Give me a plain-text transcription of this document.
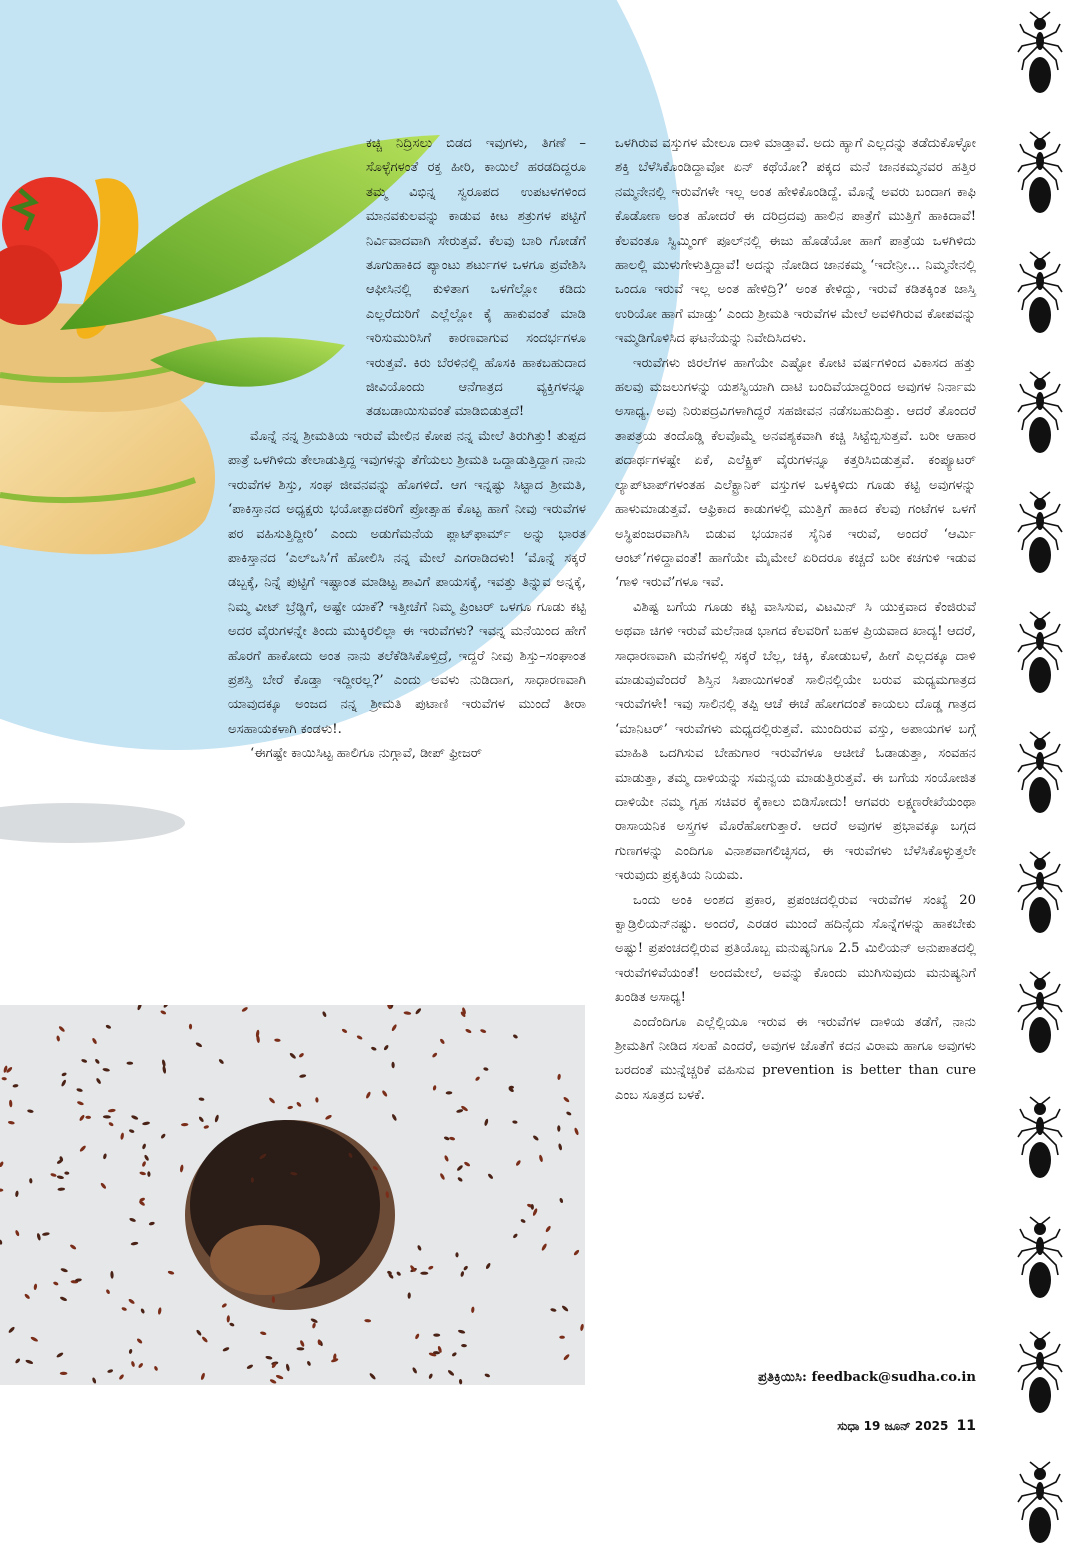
ಕಚ್ಚಿ ನಿದ್ರಿಸಲು ಬಿಡದ ಇವುಗಳು, ತಿಗಣೆ –ಸೊಳ್ಳೆಗಳಂತೆ ರಕ್ತ ಹೀರಿ, ಕಾಯಿಲೆ ಹರಡದಿದ್ದರೂ ತಮ್ಮ ವಿಭಿನ್ನ ಸ್ವರೂಪದ ಉಪಟಳಗಳಿಂದ ಮಾನವಕುಲವನ್ನು ಕಾಡುವ ಕೀಟ ಶತ್ರುಗಳ ಪಟ್ಟಿಗೆ ನಿರ್ವಿವಾದವಾಗಿ ಸೇರುತ್ತವೆ. ಕೆಲವು ಬಾರಿ ಗೋಡೆಗೆ ತೂಗುಹಾಕಿದ ಪ್ಯಾಂಟು ಶರ್ಟುಗಳ ಒಳಗೂ ಪ್ರವೇಶಿಸಿ ಆಫೀಸಿನಲ್ಲಿ ಕುಳಿತಾಗ ಒಳಗೆಲ್ಲೋ ಕಡಿದು ಎಲ್ಲರೆದುರಿಗೆ ಎಲ್ಲೆಲ್ಲೋ ಕೈ ಹಾಕುವಂತೆ ಮಾಡಿ ಇರಿಸುಮುರಿಸಿಗೆ ಕಾರಣವಾಗುವ ಸಂದರ್ಭಗಳೂ ಇರುತ್ತವೆ. ಕಿರು ಬೆರಳಿನಲ್ಲಿ ಹೊಸಕಿ ಹಾಕಬಹುದಾದ ಜೀವಿಯೊಂದು ಆನೆಗಾತ್ರದ ವ್ಯಕ್ತಿಗಳನ್ನೂ ತಡಬಡಾಯಿಸುವಂತೆ ಮಾಡಿಬಿಡುತ್ತದೆ!

ಮೊನ್ನೆ ನನ್ನ ಶ್ರೀಮತಿಯ ಇರುವೆ ಮೇಲಿನ ಕೋಪ ನನ್ನ ಮೇಲೆ ತಿರುಗಿತ್ತು! ತುಪ್ಪದ ಪಾತ್ರೆ ಒಳಗಿಳಿದು ತೇಲಾಡುತ್ತಿದ್ದ ಇವುಗಳನ್ನು ತೆಗೆಯಲು ಶ್ರೀಮತಿ ಒದ್ದಾಡುತ್ತಿದ್ದಾಗ ನಾನು ಇರುವೆಗಳ ಶಿಸ್ತು, ಸಂಘ ಜೀವನವನ್ನು ಹೊಗಳಿದೆ. ಆಗ ಇನ್ನಷ್ಟು ಸಿಟ್ಟಾದ ಶ್ರೀಮತಿ, ‘ಪಾಕಿಸ್ತಾನದ ಅಧ್ಯಕ್ಷರು ಭಯೋತ್ಪಾದಕರಿಗೆ ಪ್ರೋತ್ಸಾಹ ಕೊಟ್ಟ ಹಾಗೆ ನೀವು ಇರುವೆಗಳ ಪರ ವಹಿಸುತ್ತಿದ್ದೀರಿ’ ಎಂದು ಅಡುಗೆಮನೆಯ ಪ್ಲಾಟ್‌ಫಾರ್ಮ್ ಅನ್ನು ಭಾರತ ಪಾಕಿಸ್ತಾನದ ‘ಎಲ್‌ಒಸಿ’ಗೆ ಹೋಲಿಸಿ ನನ್ನ ಮೇಲೆ ಎಗರಾಡಿದಳು! ‘ಮೊನ್ನೆ ಸಕ್ಕರೆ ಡಬ್ಬಕ್ಕೆ, ನಿನ್ನೆ ಪುಟ್ಟಿಗೆ ಇಷ್ಟಾಂತ ಮಾಡಿಟ್ಟ ಶಾವಿಗೆ ಪಾಯಸಕ್ಕೆ, ಇವತ್ತು ತಿನ್ನುವ ಅನ್ನಕ್ಕೆ, ನಿಮ್ಮ ವೀಟ್ ಬ್ರೆಡ್ಡಿಗೆ, ಅಷ್ಟೇ ಯಾಕೆ? ಇತ್ತೀಚೆಗೆ ನಿಮ್ಮ ಪ್ರಿಂಟರ್ ಒಳಗೂ ಗೂಡು ಕಟ್ಟಿ ಅದರ ವೈರುಗಳನ್ನೇ ತಿಂದು ಮುಕ್ಕಿರಲಿಲ್ಲಾ ಈ ಇರುವೆಗಳು? ಇವನ್ನ ಮನೆಯಿಂದ ಹೇಗೆ ಹೊರಗೆ ಹಾಕೋದು ಅಂತ ನಾನು ತಲೆಕೆಡಿಸಿಕೊಳ್ತಿದ್ರೆ, ಇದ್ದರೆ ನೀವು ಶಿಸ್ತು–ಸಂಘಾಂತ ಪ್ರಶಸ್ತಿ ಬೇರೆ ಕೊಡ್ತಾ ಇದ್ದೀರಲ್ಲ?’ ಎಂದು ಅವಳು ನುಡಿದಾಗ, ಸಾಧಾರಣವಾಗಿ ಯಾವುದಕ್ಕೂ ಅಂಜದ ನನ್ನ ಶ್ರೀಮತಿ ಪುಟಾಣಿ ಇರುವೆಗಳ ಮುಂದೆ ತೀರಾ ಅಸಹಾಯಕಳಾಗಿ ಕಂಡಳು!.

‘ಈಗಷ್ಟೇ ಕಾಯಿಸಿಟ್ಟ ಹಾಲಿಗೂ ನುಗ್ಗಾವೆ, ಡೀಪ್ ಫ್ರೀಜರ್

ಒಳಗಿರುವ ವಸ್ತುಗಳ ಮೇಲೂ ದಾಳಿ ಮಾಡ್ತಾವೆ. ಅದು ಹ್ಯಾಗೆ ಎಲ್ಲದನ್ನು ತಡೆದುಕೊಳ್ಳೋ ಶಕ್ತಿ ಬೆಳೆಸಿಕೊಂಡಿದ್ದಾವೋ ಏನ್ ಕಥೆಯೋ? ಪಕ್ಕದ ಮನೆ ಜಾನಕಮ್ಮನವರ ಹತ್ತಿರ ನಮ್ಮನೇನಲ್ಲಿ ಇರುವೆಗಳೇ ಇಲ್ಲ ಅಂತ ಹೇಳಿಕೊಂಡಿದ್ದೆ. ಮೊನ್ನೆ ಅವರು ಬಂದಾಗ ಕಾಫಿ ಕೊಡೋಣ ಅಂತ ಹೋದರೆ ಈ ದರಿದ್ರದವು ಹಾಲಿನ ಪಾತ್ರೆಗೆ ಮುತ್ತಿಗೆ ಹಾಕಿದಾವೆ! ಕೆಲವಂತೂ ಸ್ವಿಮ್ಮಿಂಗ್ ಪೂಲ್‌ನಲ್ಲಿ ಈಜು ಹೊಡೆಯೋ ಹಾಗೆ ಪಾತ್ರೆಯ ಒಳಗಿಳಿದು ಹಾಲಲ್ಲಿ ಮುಳುಗೇಳುತ್ತಿದ್ದಾವೆ! ಅದನ್ನು ನೋಡಿದ ಜಾನಕಮ್ಮ ‘ಇದೇನ್ರೀ... ನಿಮ್ಮನೇನಲ್ಲಿ ಒಂದೂ ಇರುವೆ ಇಲ್ಲ ಅಂತ ಹೇಳಿದ್ರಿ?’ ಅಂತ ಕೇಳಿದ್ದು, ಇರುವೆ ಕಡಿತಕ್ಕಿಂತ ಜಾಸ್ತಿ ಉರಿಯೋ ಹಾಗೆ ಮಾಡ್ತು’ ಎಂದು ಶ್ರೀಮತಿ ಇರುವೆಗಳ ಮೇಲೆ ಅವಳಿಗಿರುವ ಕೋಪವನ್ನು ಇಮ್ಮಡಿಗೊಳಿಸಿದ ಘಟನೆಯನ್ನು ನಿವೇದಿಸಿದಳು.

ಇರುವೆಗಳು ಜಿರಲೆಗಳ ಹಾಗೆಯೇ ಎಷ್ಟೋ ಕೋಟಿ ವರ್ಷಗಳಿಂದ ವಿಕಾಸದ ಹತ್ತು ಹಲವು ಮಜಲುಗಳನ್ನು ಯಶಸ್ವಿಯಾಗಿ ದಾಟಿ ಬಂದಿವೆಯಾದ್ದರಿಂದ ಅವುಗಳ ನಿರ್ನಾಮ ಅಸಾಧ್ಯ. ಅವು ನಿರುಪದ್ರವಿಗಳಾಗಿದ್ದರೆ ಸಹಜೀವನ ನಡೆಸಬಹುದಿತ್ತು. ಆದರೆ ತೊಂದರೆ ತಾಪತ್ರಯ ತಂದೊಡ್ಡಿ ಕೆಲವೊಮ್ಮೆ ಅನವಶ್ಯಕವಾಗಿ ಕಚ್ಚಿ ಸಿಟ್ಟೆಬ್ಬಿಸುತ್ತವೆ. ಬರೀ ಆಹಾರ ಪದಾರ್ಥಗಳಷ್ಟೇ ಏಕೆ, ಎಲೆಕ್ಟ್ರಿಕ್ ವೈರುಗಳನ್ನೂ ಕತ್ತರಿಸಿಬಿಡುತ್ತವೆ. ಕಂಪ್ಯೂಟರ್ ಲ್ಯಾಪ್‌ಟಾಪ್‌ಗಳಂತಹ ಎಲೆಕ್ಟ್ರಾನಿಕ್ ವಸ್ತುಗಳ ಒಳಕ್ಕಿಳಿದು ಗೂಡು ಕಟ್ಟಿ ಅವುಗಳನ್ನು ಹಾಳುಮಾಡುತ್ತವೆ. ಆಫ್ರಿಕಾದ ಕಾಡುಗಳಲ್ಲಿ ಮುತ್ತಿಗೆ ಹಾಕಿದ ಕೆಲವು ಗಂಟೆಗಳ ಒಳಗೆ ಅಸ್ಥಿಪಂಜರವಾಗಿಸಿ ಬಿಡುವ ಭಯಾನಕ ಸೈನಿಕ ಇರುವೆ, ಅಂದರೆ ‘ಆರ್ಮಿ ಆಂಟ್’ಗಳಿದ್ದಾವಂತೆ! ಹಾಗೆಯೇ ಮೈಮೇಲೆ ಏರಿದರೂ ಕಚ್ಚದೆ ಬರೀ ಕಚಗುಳಿ ಇಡುವ ‘ಗಾಳಿ ಇರುವೆ’ಗಳೂ ಇವೆ.

ವಿಶಿಷ್ಟ ಬಗೆಯ ಗೂಡು ಕಟ್ಟಿ ವಾಸಿಸುವ, ವಿಟಮಿನ್ ಸಿ ಯುಕ್ತವಾದ ಕೆಂಜಿರುವೆ ಅಥವಾ ಚಿಗಳಿ ಇರುವೆ ಮಲೆನಾಡ ಭಾಗದ ಕೆಲವರಿಗೆ ಬಹಳ ಪ್ರಿಯವಾದ ಖಾದ್ಯ! ಆದರೆ, ಸಾಧಾರಣವಾಗಿ ಮನೆಗಳಲ್ಲಿ ಸಕ್ಕರೆ ಬೆಲ್ಲ, ಚಕ್ಕಿ, ಕೋಡುಬಳೆ, ಹೀಗೆ ಎಲ್ಲದಕ್ಕೂ ದಾಳಿ ಮಾಡುವುವೆಂದರೆ ಶಿಸ್ತಿನ ಸಿಪಾಯಿಗಳಂತೆ ಸಾಲಿನಲ್ಲಿಯೇ ಬರುವ ಮಧ್ಯಮಗಾತ್ರದ ಇರುವೆಗಳೇ! ಇವು ಸಾಲಿನಲ್ಲಿ ತಪ್ಪಿ ಆಚೆ ಈಚೆ ಹೋಗದಂತೆ ಕಾಯಲು ದೊಡ್ಡ ಗಾತ್ರದ ‘ಮಾನಿಟರ್’ ಇರುವೆಗಳು ಮಧ್ಯದಲ್ಲಿರುತ್ತವೆ. ಮುಂದಿರುವ ವಸ್ತು, ಅಪಾಯಗಳ ಬಗ್ಗೆ ಮಾಹಿತಿ ಒದಗಿಸುವ ಬೇಹುಗಾರ ಇರುವೆಗಳೂ ಆಚೀಚೆ ಓಡಾಡುತ್ತಾ, ಸಂವಹನ ಮಾಡುತ್ತಾ, ತಮ್ಮ ದಾಳಿಯನ್ನು ಸಮನ್ವಯ ಮಾಡುತ್ತಿರುತ್ತವೆ. ಈ ಬಗೆಯ ಸಂಯೋಜಿತ ದಾಳಿಯೇ ನಮ್ಮ ಗೃಹ ಸಚಿವರ ಕೈಕಾಲು ಬಿಡಿಸೋದು! ಆಗವರು ಲಕ್ಷ್ಮಣರೇಖೆಯಂಥಾ ರಾಸಾಯನಿಕ ಅಸ್ತ್ರಗಳ ಮೊರೆಹೋಗುತ್ತಾರೆ. ಆದರೆ ಅವುಗಳ ಪ್ರಭಾವಕ್ಕೂ ಬಗ್ಗದ ಗುಣಗಳನ್ನು ಎಂದಿಗೂ ವಿನಾಶವಾಗಲಿಚ್ಛಿಸದ, ಈ ಇರುವೆಗಳು ಬೆಳೆಸಿಕೊಳ್ಳುತ್ತಲೇ ಇರುವುದು ಪ್ರಕೃತಿಯ ನಿಯಮ.

ಒಂದು ಅಂಕಿ ಅಂಶದ ಪ್ರಕಾರ, ಪ್ರಪಂಚದಲ್ಲಿರುವ ಇರುವೆಗಳ ಸಂಖ್ಯೆ 20 ಕ್ವಾಡ್ರಿಲಿಯನ್‌ನಷ್ಟು. ಅಂದರೆ, ಎರಡರ ಮುಂದೆ ಹದಿನೈದು ಸೊನ್ನೆಗಳನ್ನು ಹಾಕಬೇಕು ಅಷ್ಟು! ಪ್ರಪಂಚದಲ್ಲಿರುವ ಪ್ರತಿಯೊಬ್ಬ ಮನುಷ್ಯನಿಗೂ 2.5 ಮಿಲಿಯನ್ ಅನುಪಾತದಲ್ಲಿ ಇರುವೆಗಳಿವೆಯಂತೆ! ಅಂದಮೇಲೆ, ಅವನ್ನು ಕೊಂದು ಮುಗಿಸುವುದು ಮನುಷ್ಯನಿಗೆ ಖಂಡಿತ ಅಸಾಧ್ಯ!

ಎಂದೆಂದಿಗೂ ಎಲ್ಲೆಲ್ಲಿಯೂ ಇರುವ ಈ ಇರುವೆಗಳ ದಾಳಿಯ ತಡೆಗೆ, ನಾನು ಶ್ರೀಮತಿಗೆ ನೀಡಿದ ಸಲಹೆ ಎಂದರೆ, ಅವುಗಳ ಜೊತೆಗೆ ಕದನ ವಿರಾಮ ಹಾಗೂ ಅವುಗಳು ಬರದಂತೆ ಮುನ್ನೆಚ್ಚರಿಕೆ ವಹಿಸುವ prevention is better than cure ಎಂಬ ಸೂತ್ರದ ಬಳಕೆ.

ಪ್ರತಿಕ್ರಿಯಿಸಿ: feedback@sudha.co.in
ಸುಧಾ 19 ಜೂನ್ 2025 11
